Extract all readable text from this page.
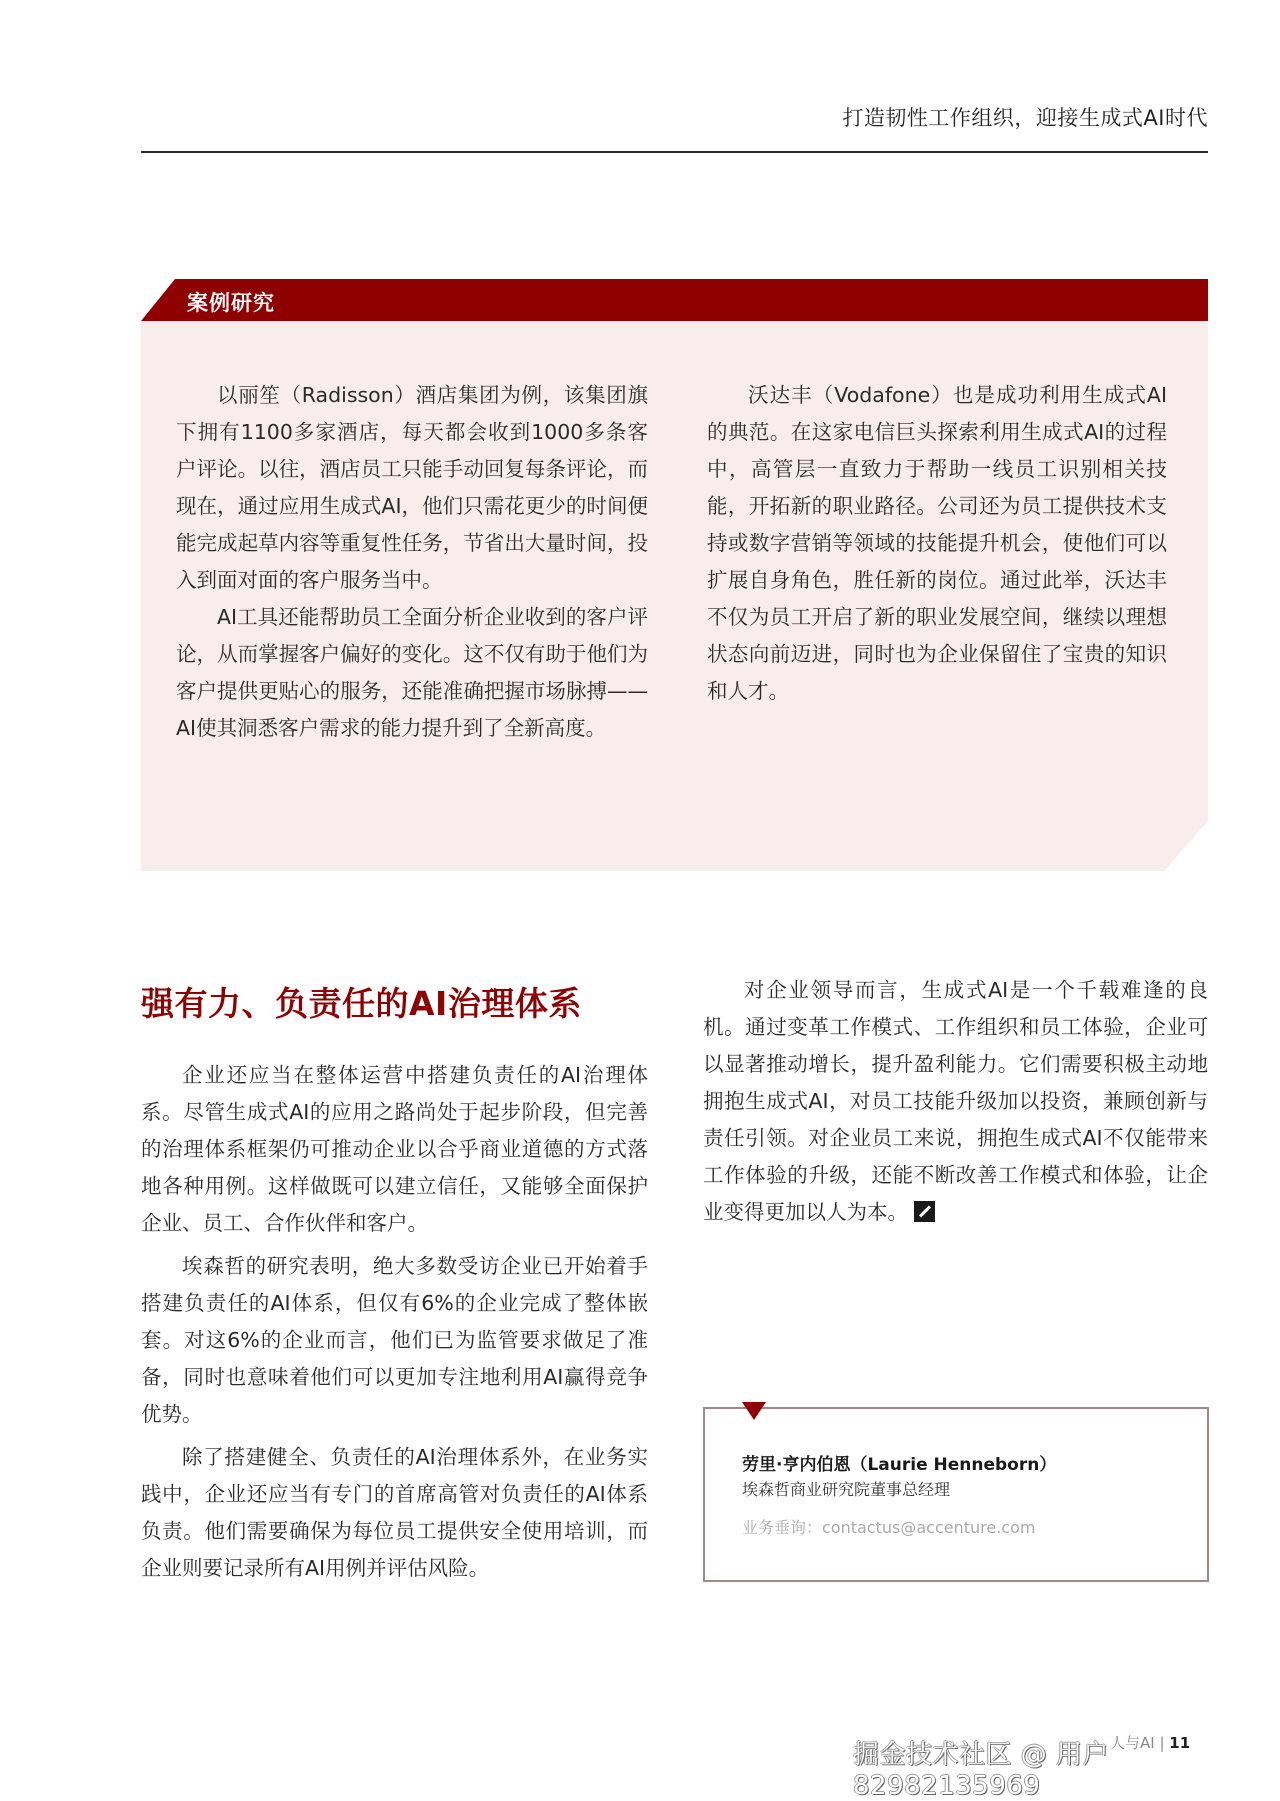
打造韧性工作组织，迎接生成式AI时代
案例研究

以丽笙（Radisson）酒店集团为例，该集团旗下拥有1100多家酒店，每天都会收到1000多条客户评论。以往，酒店员工只能手动回复每条评论，而现在，通过应用生成式AI，他们只需花更少的时间便能完成起草内容等重复性任务，节省出大量时间，投入到面对面的客户服务当中。

AI工具还能帮助员工全面分析企业收到的客户评论，从而掌握客户偏好的变化。这不仅有助于他们为客户提供更贴心的服务，还能准确把握市场脉搏——AI使其洞悉客户需求的能力提升到了全新高度。

沃达丰（Vodafone）也是成功利用生成式AI的典范。在这家电信巨头探索利用生成式AI的过程中，高管层一直致力于帮助一线员工识别相关技能，开拓新的职业路径。公司还为员工提供技术支持或数字营销等领域的技能提升机会，使他们可以扩展自身角色，胜任新的岗位。通过此举，沃达丰不仅为员工开启了新的职业发展空间，继续以理想状态向前迈进，同时也为企业保留住了宝贵的知识和人才。

强有力、负责任的AI治理体系

企业还应当在整体运营中搭建负责任的AI治理体系。尽管生成式AI的应用之路尚处于起步阶段，但完善的治理体系框架仍可推动企业以合乎商业道德的方式落地各种用例。这样做既可以建立信任，又能够全面保护企业、员工、合作伙伴和客户。

埃森哲的研究表明，绝大多数受访企业已开始着手搭建负责任的AI体系，但仅有6%的企业完成了整体嵌套。对这6%的企业而言，他们已为监管要求做足了准备，同时也意味着他们可以更加专注地利用AI赢得竞争优势。

除了搭建健全、负责任的AI治理体系外，在业务实践中，企业还应当有专门的首席高管对负责任的AI体系负责。他们需要确保为每位员工提供安全使用培训，而企业则要记录所有AI用例并评估风险。

对企业领导而言，生成式AI是一个千载难逢的良机。通过变革工作模式、工作组织和员工体验，企业可以显著推动增长，提升盈利能力。它们需要积极主动地拥抱生成式AI，对员工技能升级加以投资，兼顾创新与责任引领。对企业员工来说，拥抱生成式AI不仅能带来工作体验的升级，还能不断改善工作模式和体验，让企业变得更加以人为本。

劳里·亨内伯恩（Laurie Henneborn）
埃森哲商业研究院董事总经理
业务垂询：contactus@accenture.com
人与AI | 11
掘金技术社区 @ 用户82982135969
